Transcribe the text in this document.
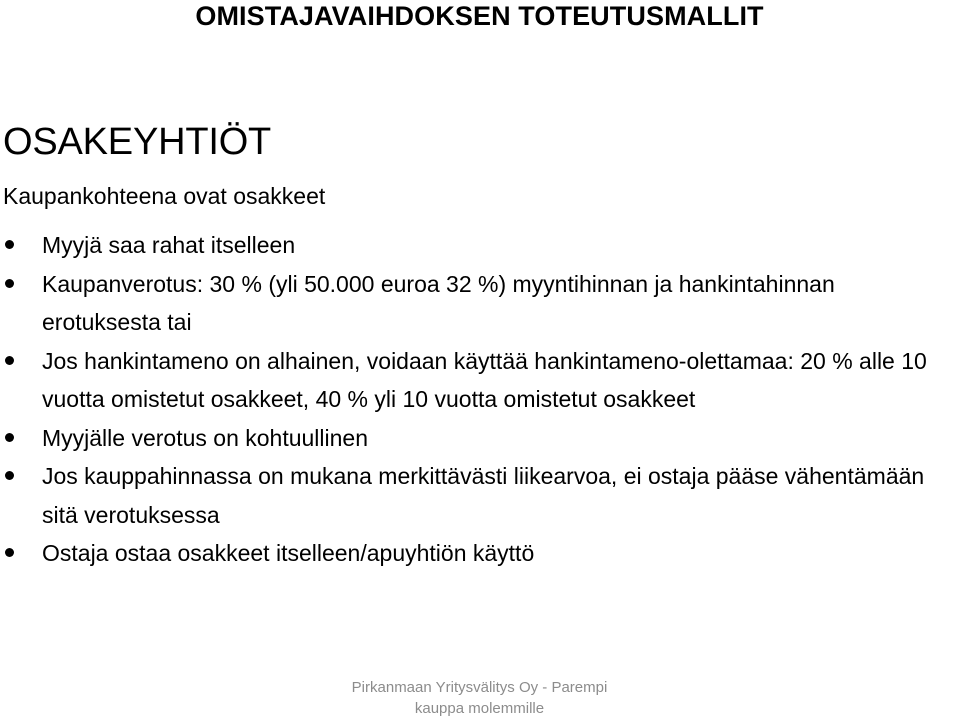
OMISTAJAVAIHDOKSEN TOTEUTUSMALLIT
OSAKEYHTIÖT
Kaupankohteena ovat osakkeet
Myyjä saa rahat itselleen
Kaupanverotus: 30 % (yli 50.000 euroa 32 %) myyntihinnan ja hankintahinnan erotuksesta tai
Jos hankintameno on alhainen, voidaan käyttää hankintameno-olettamaa: 20 % alle 10 vuotta omistetut osakkeet, 40 % yli 10 vuotta omistetut osakkeet
Myyjälle verotus on kohtuullinen
Jos kauppahinnassa on mukana merkittävästi liikearvoa, ei ostaja pääse vähentämään sitä verotuksessa
Ostaja ostaa osakkeet itselleen/apuyhtiön käyttö
Pirkanmaan Yritysvälitys Oy - Parempi
kauppa molemmille
